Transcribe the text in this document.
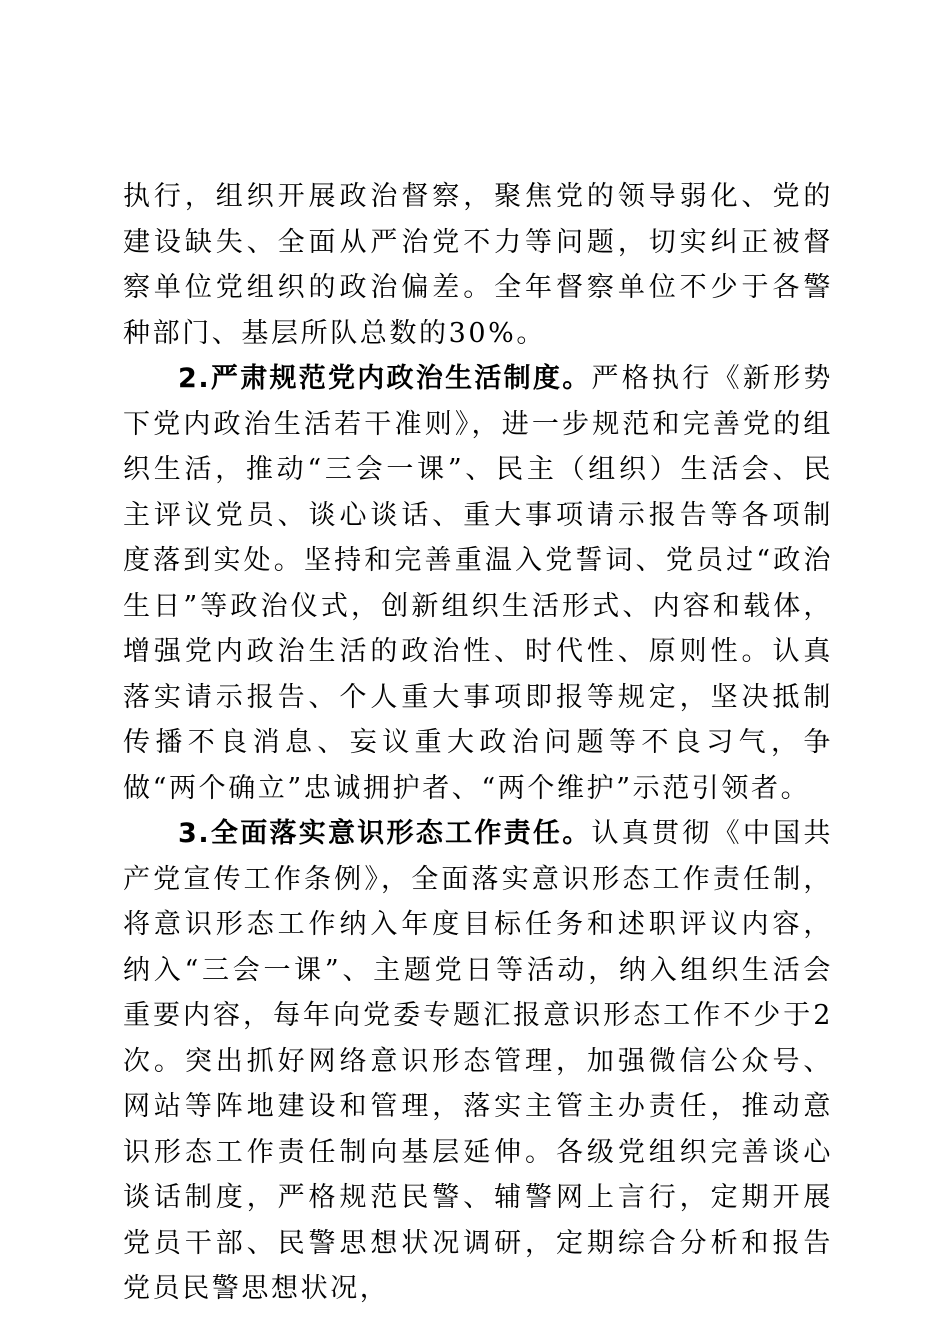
执行，组织开展政治督察，聚焦党的领导弱化、党的建设缺失、全面从严治党不力等问题，切实纠正被督察单位党组织的政治偏差。全年督察单位不少于各警种部门、基层所队总数的30%。

2.严肃规范党内政治生活制度。严格执行《新形势下党内政治生活若干准则》，进一步规范和完善党的组织生活，推动“三会一课”、民主（组织）生活会、民主评议党员、谈心谈话、重大事项请示报告等各项制度落到实处。坚持和完善重温入党誓词、党员过“政治生日”等政治仪式，创新组织生活形式、内容和载体，增强党内政治生活的政治性、时代性、原则性。认真落实请示报告、个人重大事项即报等规定，坚决抵制传播不良消息、妄议重大政治问题等不良习气，争做“两个确立”忠诚拥护者、“两个维护”示范引领者。

3.全面落实意识形态工作责任。认真贯彻《中国共产党宣传工作条例》，全面落实意识形态工作责任制，将意识形态工作纳入年度目标任务和述职评议内容，纳入“三会一课”、主题党日等活动，纳入组织生活会重要内容，每年向党委专题汇报意识形态工作不少于2次。突出抓好网络意识形态管理，加强微信公众号、网站等阵地建设和管理，落实主管主办责任，推动意识形态工作责任制向基层延伸。各级党组织完善谈心谈话制度，严格规范民警、辅警网上言行，定期开展党员干部、民警思想状况调研，定期综合分析和报告党员民警思想状况，
